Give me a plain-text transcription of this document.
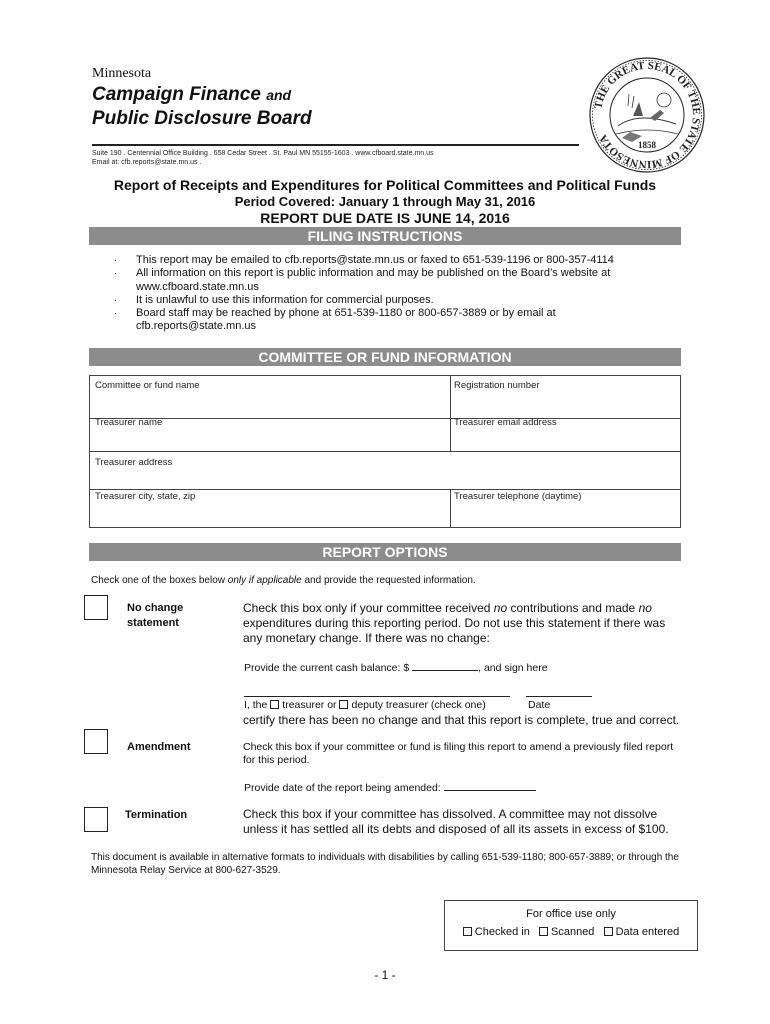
Minnesota
Campaign Finance and
Public Disclosure Board
Suite 190 . Centennial Office Building . 658 Cedar Street . St. Paul MN 55155-1603 . www.cfboard.state.mn.us
Email at: cfb.reports@state.mn.us .
THE GREAT SEAL OF THE STATE OF MINNESOTA	1858
Report of Receipts and Expenditures for Political Committees and Political Funds
Period Covered: January 1 through May 31, 2016
REPORT DUE DATE IS JUNE 14, 2016
FILING INSTRUCTIONS
· This report may be emailed to cfb.reports@state.mn.us or faxed to 651-539-1196 or 800-357-4114
· All information on this report is public information and may be published on the Board’s website at www.cfboard.state.mn.us
· It is unlawful to use this information for commercial purposes.
· Board staff may be reached by phone at 651-539-1180 or 800-657-3889 or by email at cfb.reports@state.mn.us
COMMITTEE OR FUND INFORMATION
Committee or fund name	Registration number
Treasurer name	Treasurer email address
Treasurer address
Treasurer city, state, zip	Treasurer telephone (daytime)
REPORT OPTIONS
Check one of the boxes below only if applicable and provide the requested information.
No change
statement
Check this box only if your committee received no contributions and made no expenditures during this reporting period. Do not use this statement if there was any monetary change. If there was no change:
Provide the current cash balance: $	, and sign here
I, the treasurer or deputy treasurer (check one)	Date
certify there has been no change and that this report is complete, true and correct.
Amendment	Check this box if your committee or fund is filing this report to amend a previously filed report for this period.
Provide date of the report being amended:
Termination	Check this box if your committee has dissolved. A committee may not dissolve unless it has settled all its debts and disposed of all its assets in excess of $100.
This document is available in alternative formats to individuals with disabilities by calling 651-539-1180; 800-657-3889; or through the Minnesota Relay Service at 800-627-3529.
For office use only
Checked in Scanned Data entered
- 1 -
